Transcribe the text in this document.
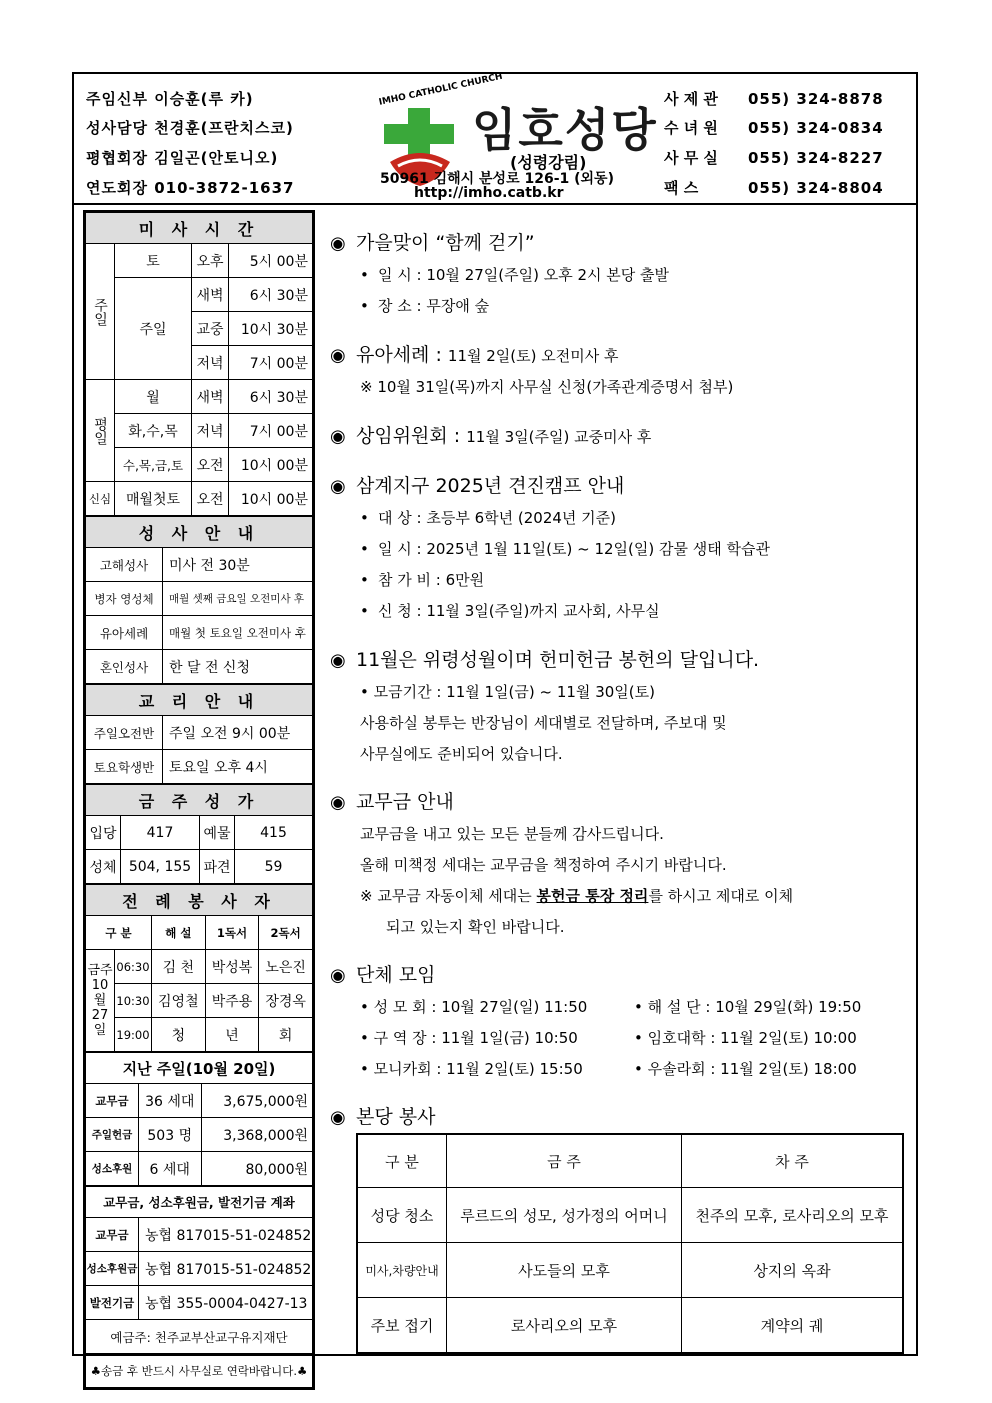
주임신부 이승훈(루 카)
성사담당 천경훈(프란치스코)
평협회장 김일곤(안토니오)
연도회장 010-3872-1637
IMHO CATHOLIC CHURCH
임호성당
(성령강림)
50961 김해시 분성로 126-1 (외동)
http://imho.catb.kr
사 제 관 055) 324-8878
수 녀 원 055) 324-0834
사 무 실 055) 324-8227
팩 스	055) 324-8804
미 사 시 간			
주일	토	오후	5시 00분
	주일	새벽	6시 30분
		교중	10시 30분
		저녁	7시 00분
평일	월	새벽	6시 30분
	화,수,목	저녁	7시 00분
	수,목,금,토	오전	10시 00분
신심	매월첫토	오전	10시 00분
성 사 안 내	
고해성사	미사 전 30분
병자 영성체	매월 셋째 금요일 오전미사 후
유아세례	매월 첫 토요일 오전미사 후
혼인성사	한 달 전 신청
교 리 안 내	
주일오전반	주일 오전 9시 00분
토요학생반	토요일 오후 4시
금 주 성 가			
입당	417	예물	415
성체	504, 155	파견	59
전 례 봉 사 자				
구 분		해 설	1독서	2독서
금주 10 월 27 일	06:30	김 천	박성복	노은진
	10:30	김영철	박주용	장경옥
	19:00	청	년	회
지난 주일(10월 20일)		
교무금	36 세대	3,675,000원
주일헌금	503 명	3,368,000원
성소후원	6 세대	80,000원
교무금, 성소후원금, 발전기금 계좌	
교무금	농협 817015-51-024852
성소후원금	농협 817015-51-024852
발전기금	농협 355-0004-0427-13
예금주: 천주교부산교구유지재단	
♣송금 후 반드시 사무실로 연락바랍니다.♣	
◉ 가을맞이 “함께 걷기”
• 일 시 : 10월 27일(주일) 오후 2시 본당 출발
• 장 소 : 무장애 숲
◉ 유아세례 : 11월 2일(토) 오전미사 후
※ 10월 31일(목)까지 사무실 신청(가족관계증명서 첨부)
◉ 상임위원회 : 11월 3일(주일) 교중미사 후
◉ 삼계지구 2025년 견진캠프 안내
• 대 상 : 초등부 6학년 (2024년 기준)
• 일 시 : 2025년 1월 11일(토) ~ 12일(일) 감물 생태 학습관
• 참 가 비 : 6만원
• 신 청 : 11월 3일(주일)까지 교사회, 사무실
◉ 11월은 위령성월이며 헌미헌금 봉헌의 달입니다.
• 모금기간 : 11월 1일(금) ~ 11월 30일(토)
사용하실 봉투는 반장님이 세대별로 전달하며, 주보대 및
사무실에도 준비되어 있습니다.
◉ 교무금 안내
교무금을 내고 있는 모든 분들께 감사드립니다.
올해 미책정 세대는 교무금을 책정하여 주시기 바랍니다.
※ 교무금 자동이체 세대는 봉헌금 통장 정리를 하시고 제대로 이체
되고 있는지 확인 바랍니다.
◉ 단체 모임
• 성 모 회 : 10월 27일(일) 11:50	• 해 설 단 : 10월 29일(화) 19:50
• 구 역 장 : 11월 1일(금) 10:50	• 임호대학 : 11월 2일(토) 10:00
• 모니카회 : 11월 2일(토) 15:50	• 우솔라회 : 11월 2일(토) 18:00
◉ 본당 봉사
구 분	금 주	차 주
성당 청소	루르드의 성모, 성가정의 어머니	천주의 모후, 로사리오의 모후
미사,차량안내	사도들의 모후	상지의 옥좌
주보 접기	로사리오의 모후	계약의 궤
